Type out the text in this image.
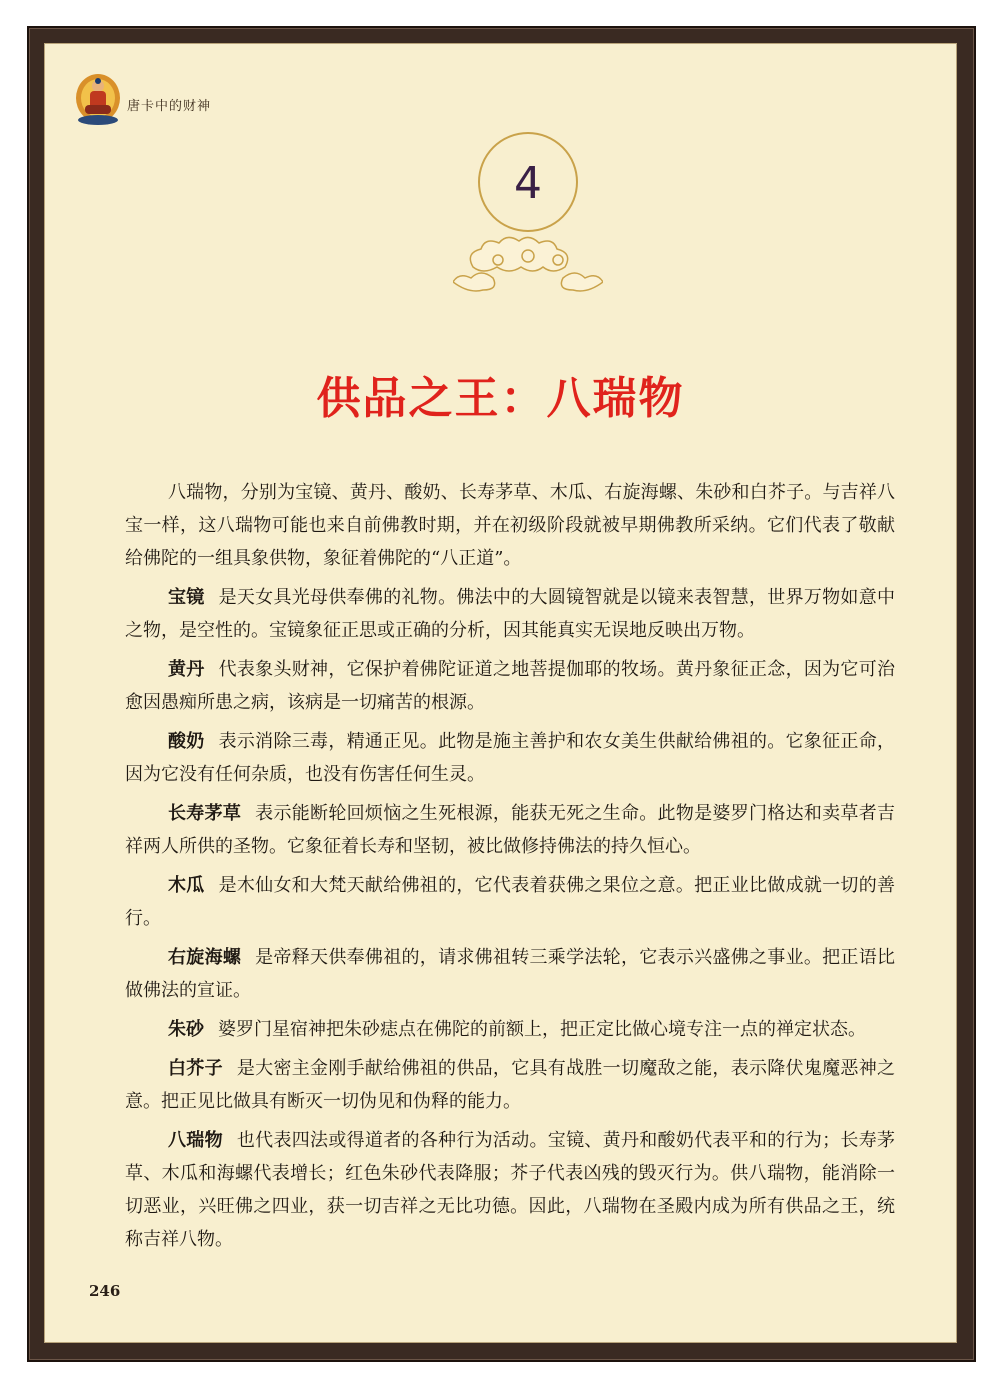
唐卡中的财神
4
供品之王：八瑞物

八瑞物，分别为宝镜、黄丹、酸奶、长寿茅草、木瓜、右旋海螺、朱砂和白芥子。与吉祥八宝一样，这八瑞物可能也来自前佛教时期，并在初级阶段就被早期佛教所采纳。它们代表了敬献给佛陀的一组具象供物，象征着佛陀的“八正道”。

宝镜 是天女具光母供奉佛的礼物。佛法中的大圆镜智就是以镜来表智慧，世界万物如意中之物，是空性的。宝镜象征正思或正确的分析，因其能真实无误地反映出万物。

黄丹 代表象头财神，它保护着佛陀证道之地菩提伽耶的牧场。黄丹象征正念，因为它可治愈因愚痴所患之病，该病是一切痛苦的根源。

酸奶 表示消除三毒，精通正见。此物是施主善护和农女美生供献给佛祖的。它象征正命，因为它没有任何杂质，也没有伤害任何生灵。

长寿茅草 表示能断轮回烦恼之生死根源，能获无死之生命。此物是婆罗门格达和卖草者吉祥两人所供的圣物。它象征着长寿和坚韧，被比做修持佛法的持久恒心。

木瓜 是木仙女和大梵天献给佛祖的，它代表着获佛之果位之意。把正业比做成就一切的善行。

右旋海螺 是帝释天供奉佛祖的，请求佛祖转三乘学法轮，它表示兴盛佛之事业。把正语比做佛法的宣证。

朱砂 婆罗门星宿神把朱砂痣点在佛陀的前额上，把正定比做心境专注一点的禅定状态。

白芥子 是大密主金刚手献给佛祖的供品，它具有战胜一切魔敌之能，表示降伏鬼魔恶神之意。把正见比做具有断灭一切伪见和伪释的能力。

八瑞物 也代表四法或得道者的各种行为活动。宝镜、黄丹和酸奶代表平和的行为；长寿茅草、木瓜和海螺代表增长；红色朱砂代表降服；芥子代表凶残的毁灭行为。供八瑞物，能消除一切恶业，兴旺佛之四业，获一切吉祥之无比功德。因此，八瑞物在圣殿内成为所有供品之王，统称吉祥八物。

246
